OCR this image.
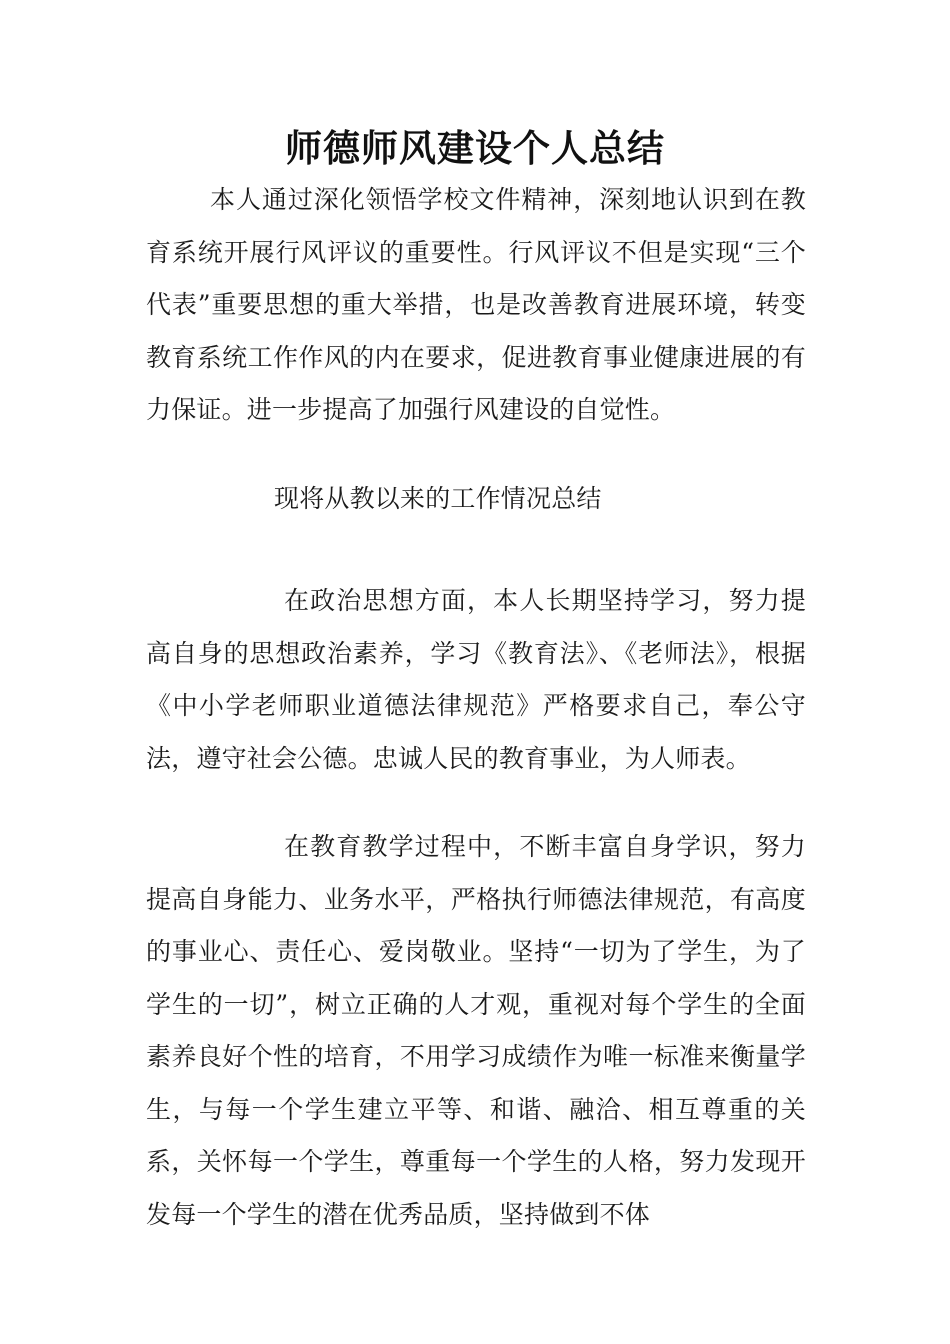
师德师风建设个人总结

本人通过深化领悟学校文件精神，深刻地认识到在教育系统开展行风评议的重要性。行风评议不但是实现“三个代表”重要思想的重大举措，也是改善教育进展环境，转变教育系统工作作风的内在要求，促进教育事业健康进展的有力保证。进一步提高了加强行风建设的自觉性。

现将从教以来的工作情况总结

在政治思想方面，本人长期坚持学习，努力提高自身的思想政治素养，学习《教育法》、《老师法》，根据《中小学老师职业道德法律规范》严格要求自己，奉公守法，遵守社会公德。忠诚人民的教育事业，为人师表。

在教育教学过程中，不断丰富自身学识，努力提高自身能力、业务水平，严格执行师德法律规范，有高度的事业心、责任心、爱岗敬业。坚持“一切为了学生，为了学生的一切”，树立正确的人才观，重视对每个学生的全面素养良好个性的培育，不用学习成绩作为唯一标准来衡量学生，与每一个学生建立平等、和谐、融洽、相互尊重的关系，关怀每一个学生，尊重每一个学生的人格，努力发现开发每一个学生的潜在优秀品质，坚持做到不体
